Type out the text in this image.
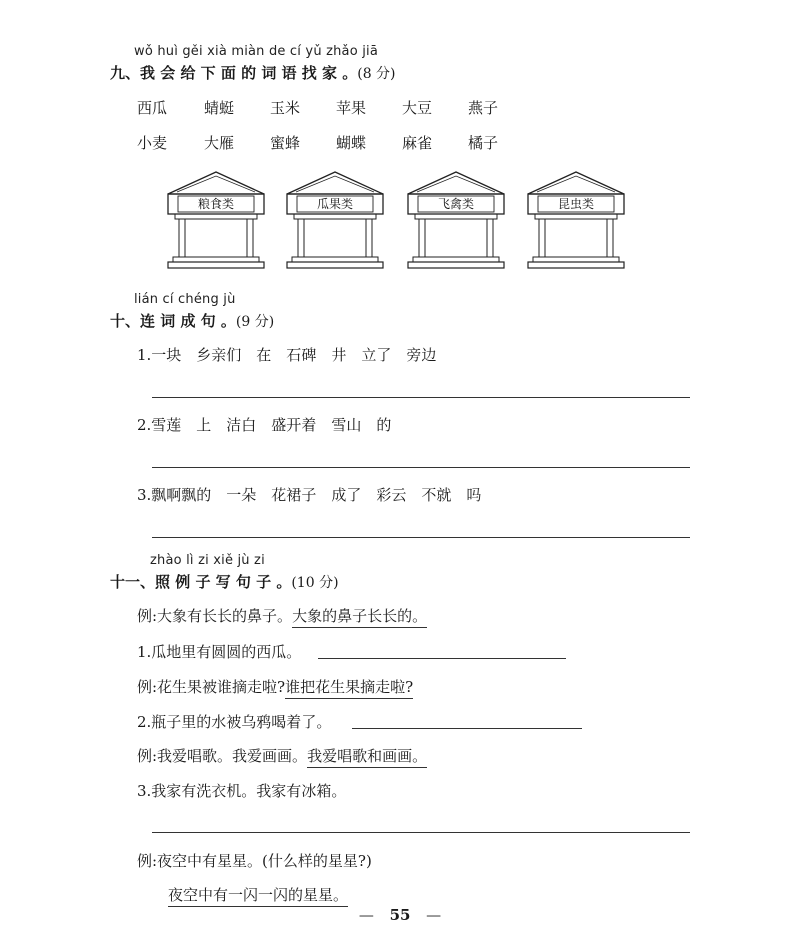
wǒ huì gěi xià miàn de cí yǔ zhǎo jiā
九、我 会 给 下 面 的 词 语 找 家 。(8 分)
西瓜 蜻蜓 玉米 苹果 大豆 燕子
小麦 大雁 蜜蜂 蝴蝶 麻雀 橘子
粮食类	瓜果类	飞禽类	昆虫类
lián cí chéng jù
十、连 词 成 句 。(9 分)
1.一块　乡亲们　在　石碑　井　立了　旁边
2.雪莲　上　洁白　盛开着　雪山　的
3.飘啊飘的　一朵　花裙子　成了　彩云　不就　吗
zhào lì zi xiě jù zi
十一、照 例 子 写 句 子 。(10 分)
例:大象有长长的鼻子。大象的鼻子长长的。
1.瓜地里有圆圆的西瓜。
例:花生果被谁摘走啦?谁把花生果摘走啦?
2.瓶子里的水被乌鸦喝着了。
例:我爱唱歌。我爱画画。我爱唱歌和画画。
3.我家有洗衣机。我家有冰箱。
例:夜空中有星星。(什么样的星星?)
夜空中有一闪一闪的星星。
— 55 —
